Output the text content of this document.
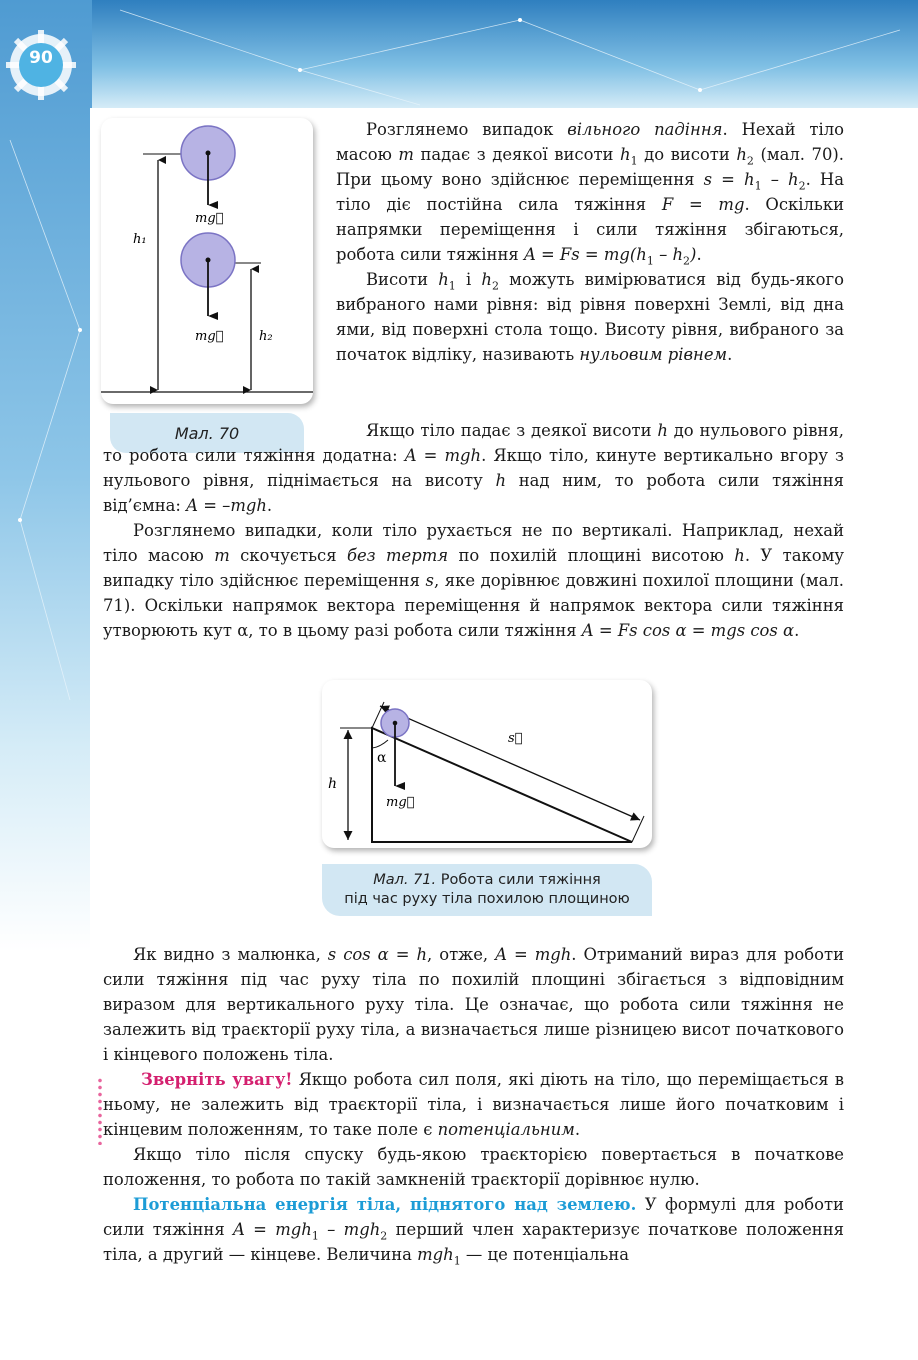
90
mg⃗
mg⃗
h₁
h₂
Мал. 70

Розглянемо випадок вільного падіння. Нехай тіло масою m падає з деякої висоти $h_1$ до висоти $h_2$ (мал. 70). При цьому воно здійснює переміщення $s = h_1 - h_2$. На тіло діє постійна сила тяжіння F = mg. Оскільки напрямки переміщення і сили тяжіння збігаються, робота сили тяжіння $A = Fs = mg(h_1 - h_2)$.

Висоти $h_1$ і $h_2$ можуть вимірюватися від будь-якого вибраного нами рівня: від рівня поверхні Землі, від дна ями, від поверхні стола тощо. Висоту рівня, вибраного за початок відліку, називають нульовим рівнем.

Якщо тіло падає з деякої висоти h до нульового рівня, то робота сили тяжіння додатна: A = mgh. Якщо тіло, кинуте вертикально вгору з нульового рівня, піднімається на висоту h над ним, то робота сили тяжіння від’ємна: A = –mgh.

Розглянемо випадки, коли тіло рухається не по вертикалі. Наприклад, нехай тіло масою m скочується без тертя по похилій площині висотою h. У такому випадку тіло здійснює переміщення s, яке дорівнює довжині похилої площини (мал. 71). Оскільки напрямок вектора переміщення й напрямок вектора сили тяжіння утворюють кут α, то в цьому разі робота сили тяжіння A = Fs cos α = mgs cos α.

h
α
mg⃗
s⃗
Мал. 71. Робота сили тяжіння
під час руху тіла похилою площиною

Як видно з малюнка, s cos α = h, отже, A = mgh. Отриманий вираз для роботи сили тяжіння під час руху тіла по похилій площині збігається з відповідним виразом для вертикального руху тіла. Це означає, що робота сили тяжіння не залежить від траєкторії руху тіла, а визначається лише різницею висот початкового і кінцевого положень тіла.

Зверніть увагу! Якщо робота сил поля, які діють на тіло, що переміщається в ньому, не залежить від траєкторії тіла, і визначається лише його початковим і кінцевим положенням, то таке поле є потенціальним.

Якщо тіло після спуску будь-якою траєкторією повертається в початкове положення, то робота по такій замкненій траєкторії дорівнює нулю.

Потенціальна енергія тіла, піднятого над землею. У формулі для роботи сили тяжіння A = mgh$_1$ – mgh$_2$ перший член характеризує початкове положення тіла, а другий — кінцеве. Величина mgh$_1$ — це потенціальна
